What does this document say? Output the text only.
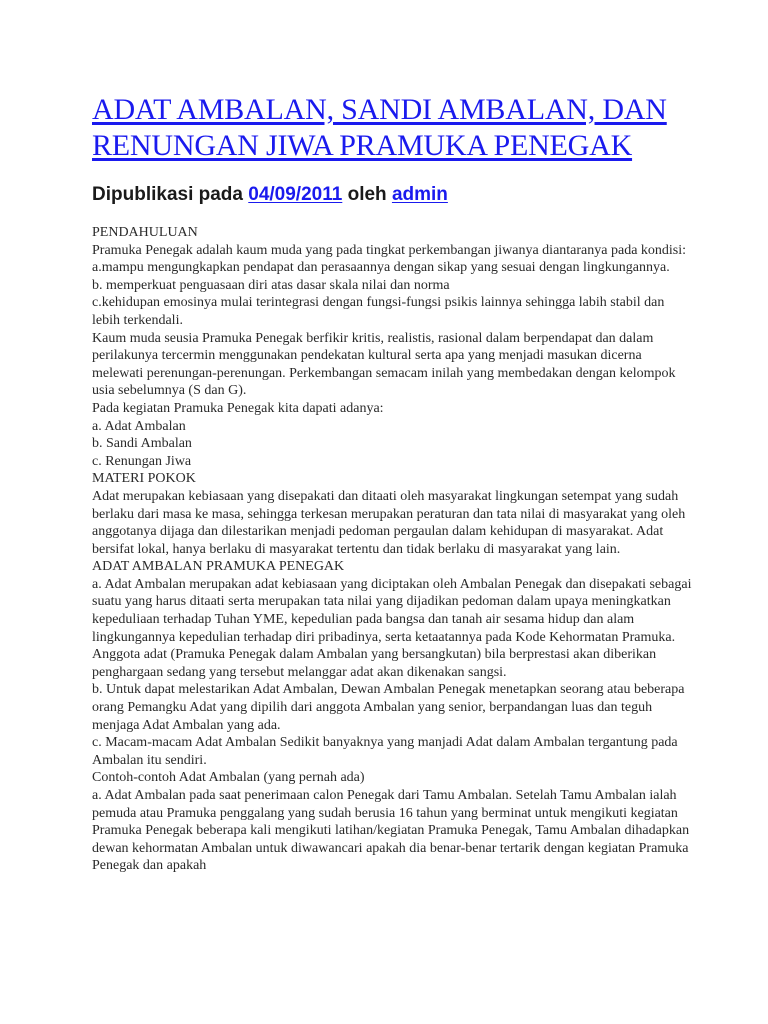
ADAT AMBALAN, SANDI AMBALAN, DAN RENUNGAN JIWA PRAMUKA PENEGAK
Dipublikasi pada 04/09/2011 oleh admin

PENDAHULUAN

Pramuka Penegak adalah kaum muda yang pada tingkat perkembangan jiwanya diantaranya pada kondisi:

a.mampu mengungkapkan pendapat dan perasaannya dengan sikap yang sesuai dengan lingkungannya.

b. memperkuat penguasaan diri atas dasar skala nilai dan norma

c.kehidupan emosinya mulai terintegrasi dengan fungsi-fungsi psikis lainnya sehingga labih stabil dan lebih terkendali.

Kaum muda seusia Pramuka Penegak berfikir kritis, realistis, rasional dalam berpendapat dan dalam perilakunya tercermin menggunakan pendekatan kultural serta apa yang menjadi masukan dicerna melewati perenungan-perenungan. Perkembangan semacam inilah yang membedakan dengan kelompok usia sebelumnya (S dan G).

Pada kegiatan Pramuka Penegak kita dapati adanya:

a. Adat Ambalan

b. Sandi Ambalan

c. Renungan Jiwa

MATERI POKOK

Adat merupakan kebiasaan yang disepakati dan ditaati oleh masyarakat lingkungan setempat yang sudah berlaku dari masa ke masa, sehingga terkesan merupakan peraturan dan tata nilai di masyarakat yang oleh anggotanya dijaga dan dilestarikan menjadi pedoman pergaulan dalam kehidupan di masyarakat. Adat bersifat lokal, hanya berlaku di masyarakat tertentu dan tidak berlaku di masyarakat yang lain.

ADAT AMBALAN PRAMUKA PENEGAK

a. Adat Ambalan merupakan adat kebiasaan yang diciptakan oleh Ambalan Penegak dan disepakati sebagai suatu yang harus ditaati serta merupakan tata nilai yang dijadikan pedoman dalam upaya meningkatkan kepeduliaan terhadap Tuhan YME, kepedulian pada bangsa dan tanah air sesama hidup dan alam lingkungannya kepedulian terhadap diri pribadinya, serta ketaatannya pada Kode Kehormatan Pramuka. Anggota adat (Pramuka Penegak dalam Ambalan yang bersangkutan) bila berprestasi akan diberikan penghargaan sedang yang tersebut melanggar adat akan dikenakan sangsi.

b. Untuk dapat melestarikan Adat Ambalan, Dewan Ambalan Penegak menetapkan seorang atau beberapa orang Pemangku Adat yang dipilih dari anggota Ambalan yang senior, berpandangan luas dan teguh menjaga Adat Ambalan yang ada.

c. Macam-macam Adat Ambalan Sedikit banyaknya yang manjadi Adat dalam Ambalan tergantung pada Ambalan itu sendiri.

Contoh-contoh Adat Ambalan (yang pernah ada)

a. Adat Ambalan pada saat penerimaan calon Penegak dari Tamu Ambalan. Setelah Tamu Ambalan ialah pemuda atau Pramuka penggalang yang sudah berusia 16 tahun yang berminat untuk mengikuti kegiatan Pramuka Penegak beberapa kali mengikuti latihan/kegiatan Pramuka Penegak, Tamu Ambalan dihadapkan dewan kehormatan Ambalan untuk diwawancari apakah dia benar-benar tertarik dengan kegiatan Pramuka Penegak dan apakah
